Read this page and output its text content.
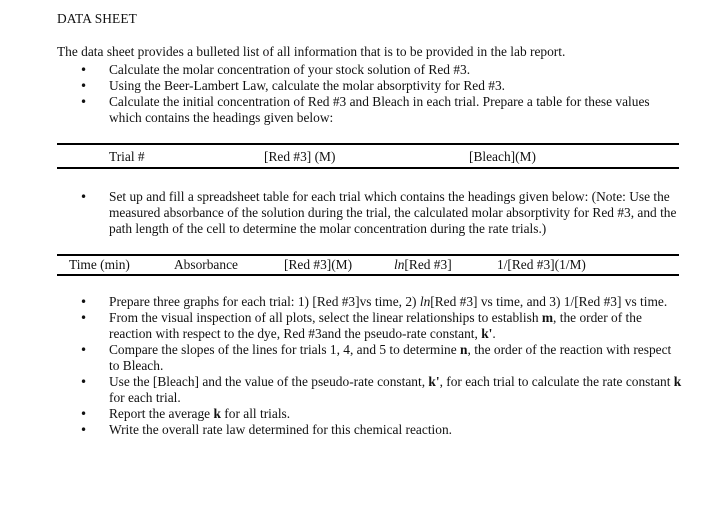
DATA SHEET
The data sheet provides a bulleted list of all information that is to be provided in the lab report.
• Calculate the molar concentration of your stock solution of Red #3.
• Using the Beer-Lambert Law, calculate the molar absorptivity for Red #3.
• Calculate the initial concentration of Red #3 and Bleach in each trial. Prepare a table for these values which contains the headings given below:
Trial #	[Red #3] (M)	[Bleach](M)
• Set up and fill a spreadsheet table for each trial which contains the headings given below: (Note: Use the measured absorbance of the solution during the trial, the calculated molar absorptivity for Red #3, and the path length of the cell to determine the molar concentration during the rate trials.)
Time (min)	Absorbance	[Red #3](M)	ln[Red #3]	1/[Red #3](1/M)
• Prepare three graphs for each trial: 1) [Red #3]vs time, 2) ln[Red #3] vs time, and 3) 1/[Red #3] vs time.
• From the visual inspection of all plots, select the linear relationships to establish m, the order of the reaction with respect to the dye, Red #3and the pseudo-rate constant, k'.
• Compare the slopes of the lines for trials 1, 4, and 5 to determine n, the order of the reaction with respect to Bleach.
• Use the [Bleach] and the value of the pseudo-rate constant, k', for each trial to calculate the rate constant k for each trial.
• Report the average k for all trials.
• Write the overall rate law determined for this chemical reaction.
